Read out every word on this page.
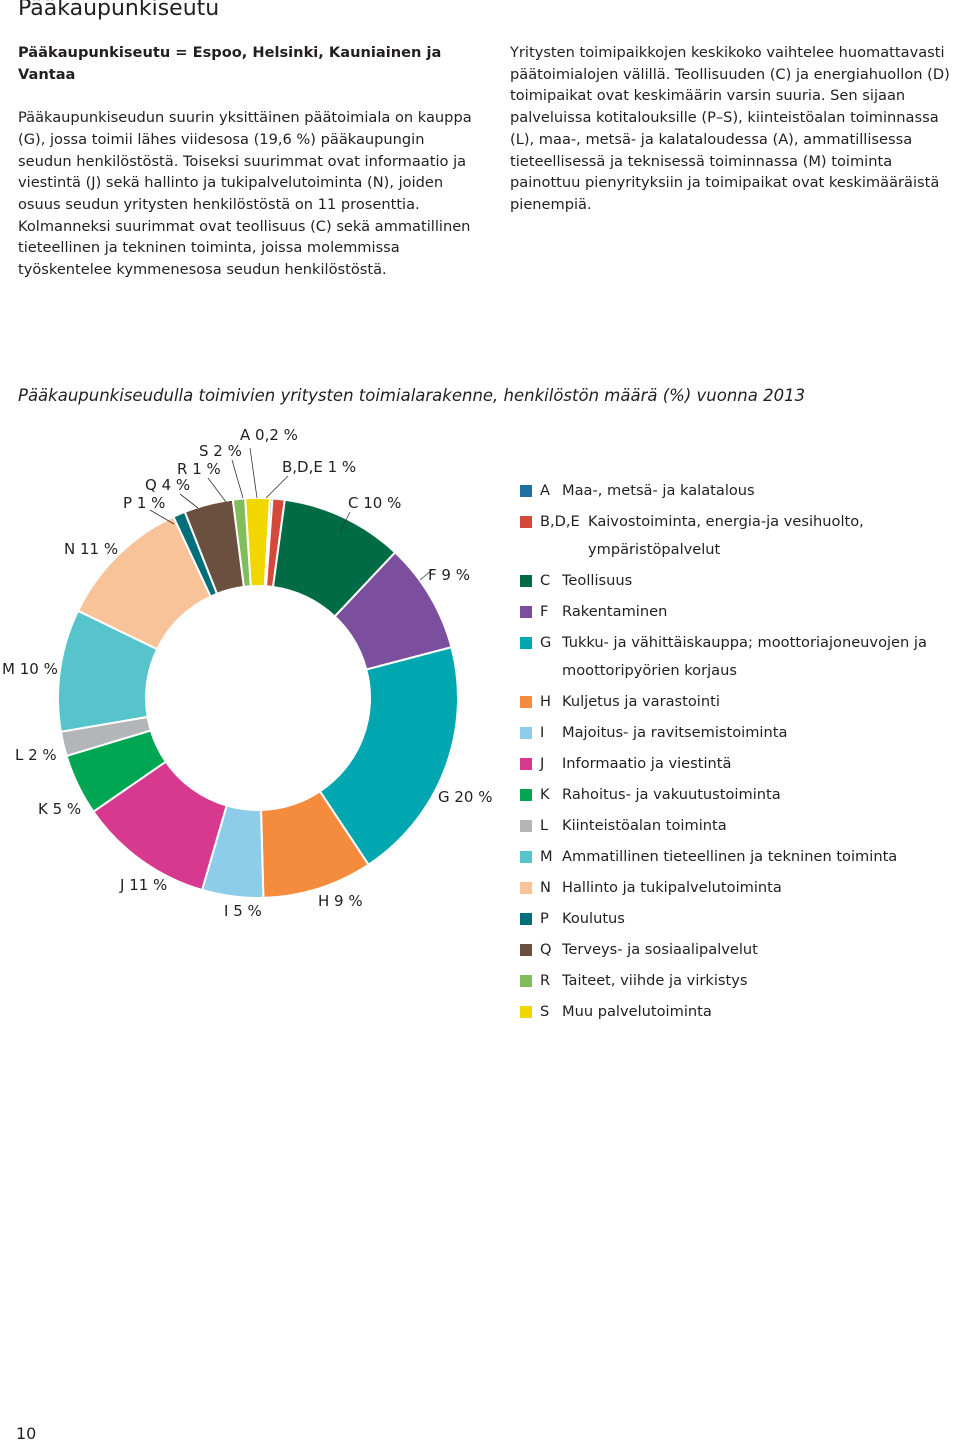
Pääkaupunkiseutu

Pääkaupunkiseutu = Espoo, Helsinki, Kauniainen ja Vantaa

Pääkaupunkiseudun suurin yksittäinen päätoimiala on kauppa (G), jossa toimii lähes viidesosa (19,6 %) pääkaupungin seudun henkilöstöstä. Toiseksi suurimmat ovat informaatio ja viestintä (J) sekä hallinto ja tukipalvelutoiminta (N), joiden osuus seudun yritysten henkilöstöstä on 11 prosenttia. Kolmanneksi suurimmat ovat teollisuus (C) sekä ammatillinen tieteellinen ja tekninen toiminta, joissa molemmissa työskentelee kymmenesosa seudun henkilöstöstä.

Yritysten toimipaikkojen keskikoko vaihtelee huomattavasti päätoimialojen välillä. Teollisuuden (C) ja energiahuollon (D) toimipaikat ovat keskimäärin varsin suuria. Sen sijaan palveluissa kotitalouksille (P–S), kiinteistöalan toiminnassa (L), maa-, metsä- ja kalataloudessa (A), ammatillisessa tieteellisessä ja teknisessä toiminnassa (M) toiminta painottuu pienyrityksiin ja toimipaikat ovat keskimääräistä pienempiä.

Pääkaupunkiseudulla toimivien yritysten toimialarakenne, henkilöstön määrä (%) vuonna 2013
A 0,2 %
B,D,E 1 %
C 10 %
F 9 %
G 20 %
H 9 %
I 5 %
J 11 %
K 5 %
L 2 %
M 10 %
N 11 %
P 1 %
Q 4 %
R 1 %
S 2 %
A Maa-, metsä- ja kalatalous
B,D,E Kaivostoiminta, energia-ja vesihuolto, ympäristöpalvelut
C Teollisuus
F Rakentaminen
G Tukku- ja vähittäiskauppa; moottoriajoneuvojen ja moottoripyörien korjaus
H Kuljetus ja varastointi
I	Majoitus- ja ravitsemistoiminta
J	Informaatio ja viestintä
K Rahoitus- ja vakuutustoiminta
L Kiinteistöalan toiminta
M Ammatillinen tieteellinen ja tekninen toiminta
N Hallinto ja tukipalvelutoiminta
P Koulutus
Q Terveys- ja sosiaalipalvelut
R Taiteet, viihde ja virkistys
S Muu palvelutoiminta
10
